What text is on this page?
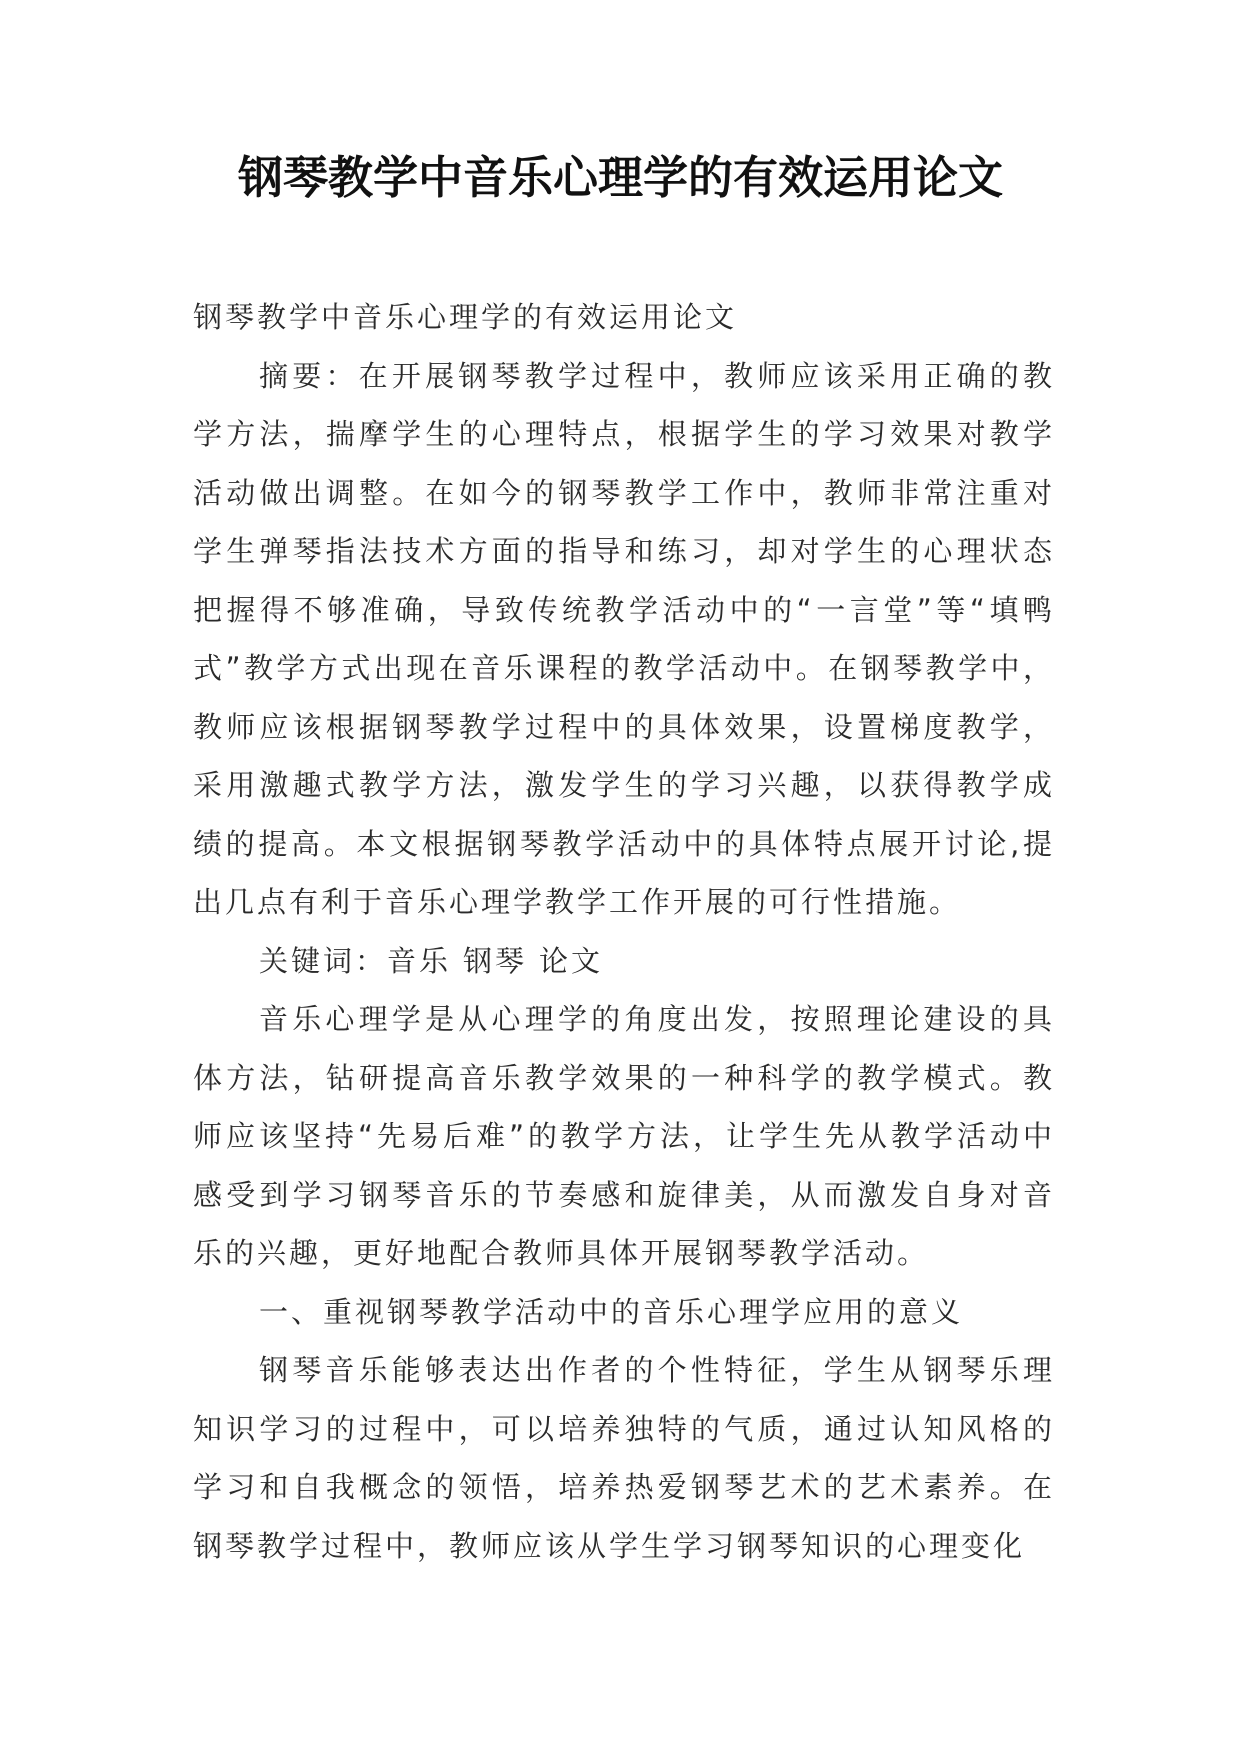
钢琴教学中音乐心理学的有效运用论文

钢琴教学中音乐心理学的有效运用论文

摘要：在开展钢琴教学过程中，教师应该采用正确的教学方法，揣摩学生的心理特点，根据学生的学习效果对教学活动做出调整。在如今的钢琴教学工作中，教师非常注重对学生弹琴指法技术方面的指导和练习，却对学生的心理状态把握得不够准确，导致传统教学活动中的“一言堂”等“填鸭式”教学方式出现在音乐课程的教学活动中。在钢琴教学中，教师应该根据钢琴教学过程中的具体效果，设置梯度教学，采用激趣式教学方法，激发学生的学习兴趣，以获得教学成绩的提高。本文根据钢琴教学活动中的具体特点展开讨论,提出几点有利于音乐心理学教学工作开展的可行性措施。

关键词：音乐 钢琴 论文

音乐心理学是从心理学的角度出发，按照理论建设的具体方法，钻研提高音乐教学效果的一种科学的教学模式。教师应该坚持“先易后难”的教学方法，让学生先从教学活动中感受到学习钢琴音乐的节奏感和旋律美，从而激发自身对音乐的兴趣，更好地配合教师具体开展钢琴教学活动。

一、重视钢琴教学活动中的音乐心理学应用的意义

钢琴音乐能够表达出作者的个性特征，学生从钢琴乐理知识学习的过程中，可以培养独特的气质，通过认知风格的学习和自我概念的领悟，培养热爱钢琴艺术的艺术素养。在钢琴教学过程中，教师应该从学生学习钢琴知识的心理变化
